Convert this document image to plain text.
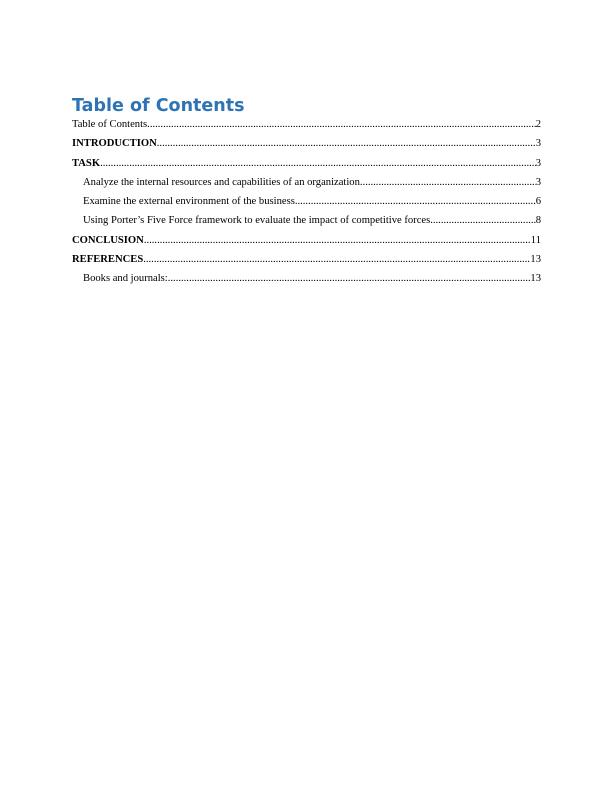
Table of Contents
Table of Contents .....	2
INTRODUCTION .....	3
TASK .....	3
Analyze the internal resources and capabilities of an organization. .....	3
Examine the external environment of the business .....	6
Using Porter’s Five Force framework to evaluate the impact of competitive forces .....	8
CONCLUSION .....	11
REFERENCES .....	13
Books and journals: .....	13
